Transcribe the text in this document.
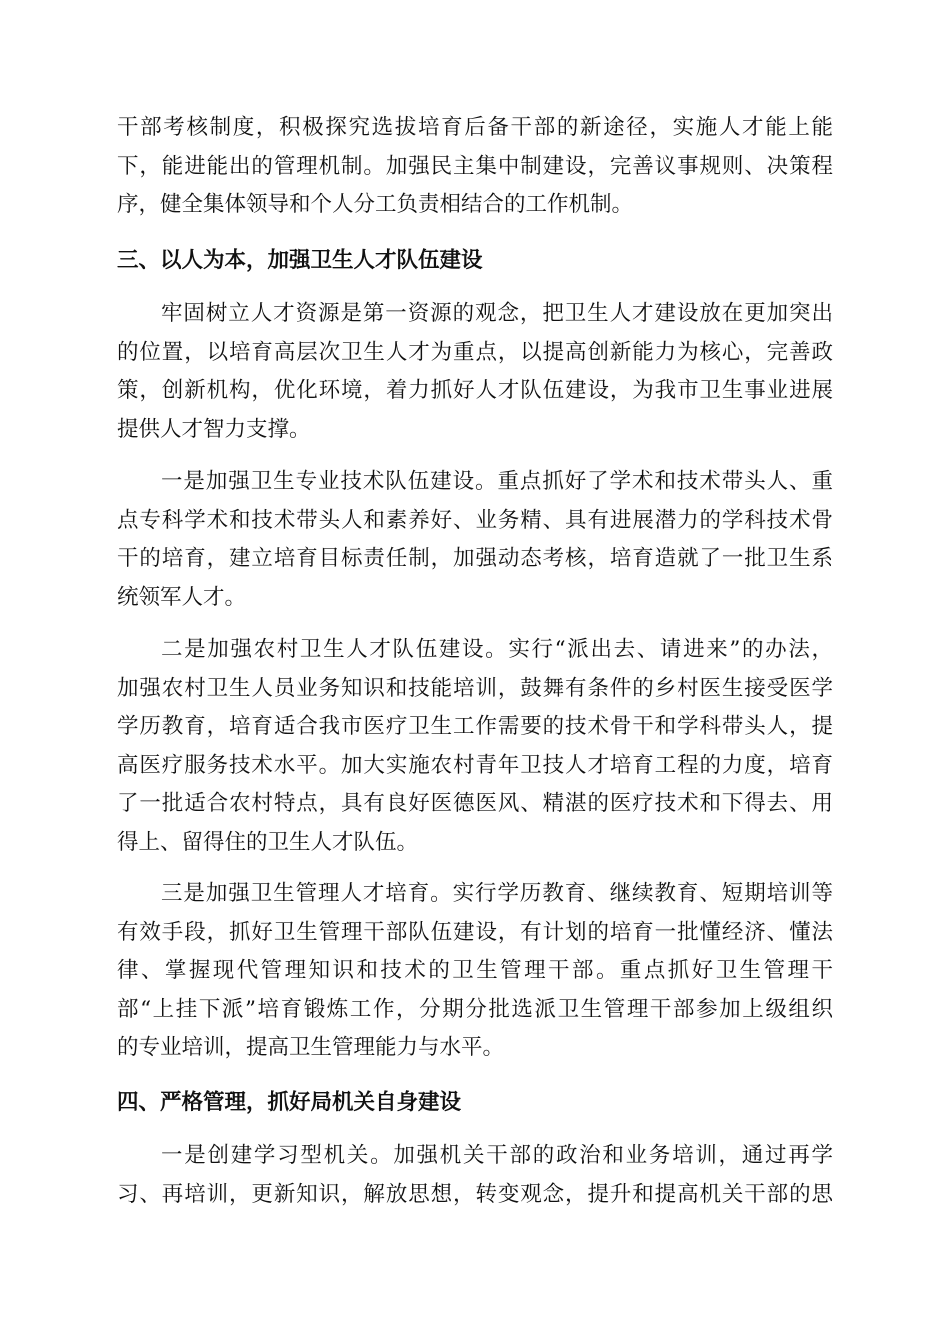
干部考核制度，积极探究选拔培育后备干部的新途径，实施人才能上能
下，能进能出的管理机制。加强民主集中制建设，完善议事规则、决策程
序，健全集体领导和个人分工负责相结合的工作机制。
三、以人为本，加强卫生人才队伍建设
牢固树立人才资源是第一资源的观念，把卫生人才建设放在更加突出
的位置，以培育高层次卫生人才为重点，以提高创新能力为核心，完善政
策，创新机构，优化环境，着力抓好人才队伍建设，为我市卫生事业进展
提供人才智力支撑。
一是加强卫生专业技术队伍建设。重点抓好了学术和技术带头人、重
点专科学术和技术带头人和素养好、业务精、具有进展潜力的学科技术骨
干的培育，建立培育目标责任制，加强动态考核，培育造就了一批卫生系
统领军人才。
二是加强农村卫生人才队伍建设。实行“派出去、请进来”的办法，
加强农村卫生人员业务知识和技能培训，鼓舞有条件的乡村医生接受医学
学历教育，培育适合我市医疗卫生工作需要的技术骨干和学科带头人，提
高医疗服务技术水平。加大实施农村青年卫技人才培育工程的力度，培育
了一批适合农村特点，具有良好医德医风、精湛的医疗技术和下得去、用
得上、留得住的卫生人才队伍。
三是加强卫生管理人才培育。实行学历教育、继续教育、短期培训等
有效手段，抓好卫生管理干部队伍建设，有计划的培育一批懂经济、懂法
律、掌握现代管理知识和技术的卫生管理干部。重点抓好卫生管理干
部“上挂下派”培育锻炼工作，分期分批选派卫生管理干部参加上级组织
的专业培训，提高卫生管理能力与水平。
四、严格管理，抓好局机关自身建设
一是创建学习型机关。加强机关干部的政治和业务培训，通过再学
习、再培训，更新知识，解放思想，转变观念，提升和提高机关干部的思
